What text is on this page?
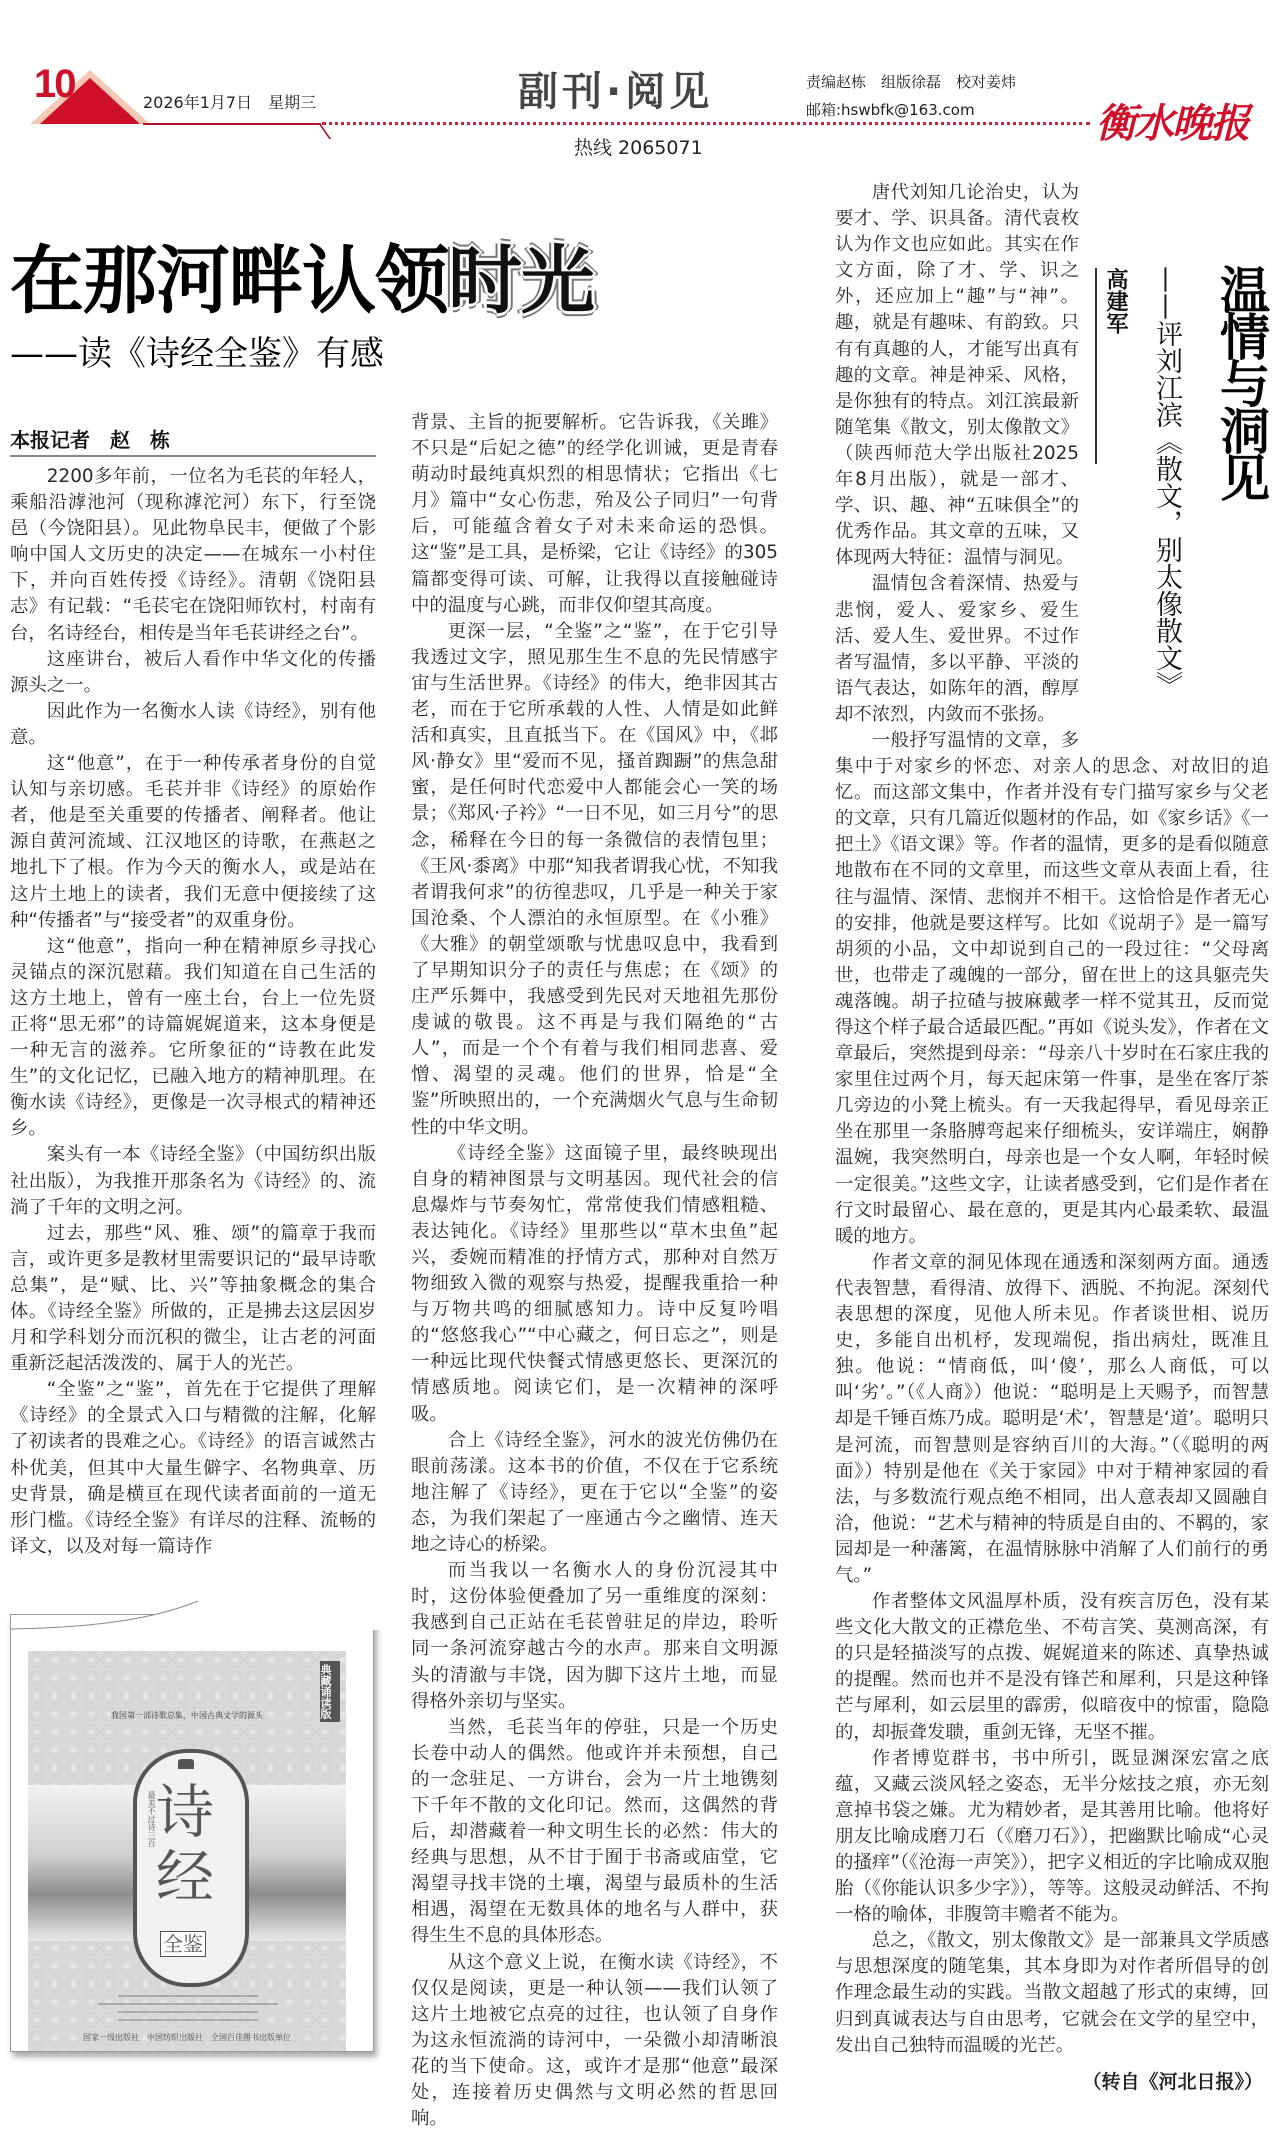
10	2026年1月7日　星期三	副刊·阅见	责编赵栋　组版徐磊　校对姜炜
邮箱:hswbfk@163.com
热线 2065071
衡水晚报
在那河畔认领时光
——读《诗经全鉴》有感
本报记者　赵　栋

2200多年前，一位名为毛苌的年轻人，乘船沿滹池河（现称滹沱河）东下，行至饶邑（今饶阳县）。见此物阜民丰，便做了个影响中国人文历史的决定——在城东一小村住下，并向百姓传授《诗经》。清朝《饶阳县志》有记载：“毛苌宅在饶阳师钦村，村南有台，名诗经台，相传是当年毛苌讲经之台”。

这座讲台，被后人看作中华文化的传播源头之一。

因此作为一名衡水人读《诗经》，别有他意。

这“他意”，在于一种传承者身份的自觉认知与亲切感。毛苌并非《诗经》的原始作者，他是至关重要的传播者、阐释者。他让源自黄河流域、江汉地区的诗歌，在燕赵之地扎下了根。作为今天的衡水人，或是站在这片土地上的读者，我们无意中便接续了这种“传播者”与“接受者”的双重身份。

这“他意”，指向一种在精神原乡寻找心灵锚点的深沉慰藉。我们知道在自己生活的这方土地上，曾有一座土台，台上一位先贤正将“思无邪”的诗篇娓娓道来，这本身便是一种无言的滋养。它所象征的“诗教在此发生”的文化记忆，已融入地方的精神肌理。在衡水读《诗经》，更像是一次寻根式的精神还乡。

案头有一本《诗经全鉴》（中国纺织出版社出版），为我推开那条名为《诗经》的、流淌了千年的文明之河。

过去，那些“风、雅、颂”的篇章于我而言，或许更多是教材里需要识记的“最早诗歌总集”，是“赋、比、兴”等抽象概念的集合体。《诗经全鉴》所做的，正是拂去这层因岁月和学科划分而沉积的微尘，让古老的河面重新泛起活泼泼的、属于人的光芒。

“全鉴”之“鉴”，首先在于它提供了理解《诗经》的全景式入口与精微的注解，化解了初读者的畏难之心。《诗经》的语言诚然古朴优美，但其中大量生僻字、名物典章、历史背景，确是横亘在现代读者面前的一道无形门槛。《诗经全鉴》有详尽的注释、流畅的译文，以及对每一篇诗作

我国第一部诗歌总集，中国古典文学的源头	典藏诵读版
最美不过诗三百 诗
经
全鉴
国家一级出版社　中国纺织出版社　全国百佳图书出版单位

背景、主旨的扼要解析。它告诉我，《关雎》不只是“后妃之德”的经学化训诫，更是青春萌动时最纯真炽烈的相思情状；它指出《七月》篇中“女心伤悲，殆及公子同归”一句背后，可能蕴含着女子对未来命运的恐惧。这“鉴”是工具，是桥梁，它让《诗经》的305篇都变得可读、可解，让我得以直接触碰诗中的温度与心跳，而非仅仰望其高度。

更深一层，“全鉴”之“鉴”，在于它引导我透过文字，照见那生生不息的先民情感宇宙与生活世界。《诗经》的伟大，绝非因其古老，而在于它所承载的人性、人情是如此鲜活和真实，且直抵当下。在《国风》中，《邶风·静女》里“爱而不见，搔首踟蹰”的焦急甜蜜，是任何时代恋爱中人都能会心一笑的场景；《郑风·子衿》“一日不见，如三月兮”的思念，稀释在今日的每一条微信的表情包里；《王风·黍离》中那“知我者谓我心忧，不知我者谓我何求”的彷徨悲叹，几乎是一种关于家国沧桑、个人漂泊的永恒原型。在《小雅》《大雅》的朝堂颂歌与忧患叹息中，我看到了早期知识分子的责任与焦虑；在《颂》的庄严乐舞中，我感受到先民对天地祖先那份虔诚的敬畏。这不再是与我们隔绝的“古人”，而是一个个有着与我们相同悲喜、爱憎、渴望的灵魂。他们的世界，恰是“全鉴”所映照出的，一个充满烟火气息与生命韧性的中华文明。

《诗经全鉴》这面镜子里，最终映现出自身的精神图景与文明基因。现代社会的信息爆炸与节奏匆忙，常常使我们情感粗糙、表达钝化。《诗经》里那些以“草木虫鱼”起兴，委婉而精准的抒情方式，那种对自然万物细致入微的观察与热爱，提醒我重拾一种与万物共鸣的细腻感知力。诗中反复吟唱的“悠悠我心”“中心藏之，何日忘之”，则是一种远比现代快餐式情感更悠长、更深沉的情感质地。阅读它们，是一次精神的深呼吸。

合上《诗经全鉴》，河水的波光仿佛仍在眼前荡漾。这本书的价值，不仅在于它系统地注解了《诗经》，更在于它以“全鉴”的姿态，为我们架起了一座通古今之幽情、连天地之诗心的桥梁。

而当我以一名衡水人的身份沉浸其中时，这份体验便叠加了另一重维度的深刻：我感到自己正站在毛苌曾驻足的岸边，聆听同一条河流穿越古今的水声。那来自文明源头的清澈与丰饶，因为脚下这片土地，而显得格外亲切与坚实。

当然，毛苌当年的停驻，只是一个历史长卷中动人的偶然。他或许并未预想，自己的一念驻足、一方讲台，会为一片土地镌刻下千年不散的文化印记。然而，这偶然的背后，却潜藏着一种文明生长的必然：伟大的经典与思想，从不甘于囿于书斋或庙堂，它渴望寻找丰饶的土壤，渴望与最质朴的生活相遇，渴望在无数具体的地名与人群中，获得生生不息的具体形态。

从这个意义上说，在衡水读《诗经》，不仅仅是阅读，更是一种认领——我们认领了这片土地被它点亮的过往，也认领了自身作为这永恒流淌的诗河中，一朵微小却清晰浪花的当下使命。这，或许才是那“他意”最深处，连接着历史偶然与文明必然的哲思回响。

高建军 ——评刘江滨《散文，别太像散文》 温情与洞见

唐代刘知几论治史，认为要才、学、识具备。清代袁枚认为作文也应如此。其实在作文方面，除了才、学、识之外，还应加上“趣”与“神”。趣，就是有趣味、有韵致。只有有真趣的人，才能写出真有趣的文章。神是神采、风格，是你独有的特点。刘江滨最新随笔集《散文，别太像散文》（陕西师范大学出版社2025年8月出版），就是一部才、学、识、趣、神“五味俱全”的优秀作品。其文章的五味，又体现两大特征：温情与洞见。

温情包含着深情、热爱与悲悯，爱人、爱家乡、爱生活、爱人生、爱世界。不过作者写温情，多以平静、平淡的语气表达，如陈年的酒，醇厚却不浓烈，内敛而不张扬。

一般抒写温情的文章，多集中于对家乡的怀恋、对亲人的思念、对故旧的追忆。而这部文集中，作者并没有专门描写家乡与父老的文章，只有几篇近似题材的作品，如《家乡话》《一把土》《语文课》等。作者的温情，更多的是看似随意地散布在不同的文章里，而这些文章从表面上看，往往与温情、深情、悲悯并不相干。这恰恰是作者无心的安排，他就是要这样写。比如《说胡子》是一篇写胡须的小品，文中却说到自己的一段过往：“父母离世，也带走了魂魄的一部分，留在世上的这具躯壳失魂落魄。胡子拉碴与披麻戴孝一样不觉其丑，反而觉得这个样子最合适最匹配。”再如《说头发》，作者在文章最后，突然提到母亲：“母亲八十岁时在石家庄我的家里住过两个月，每天起床第一件事，是坐在客厅茶几旁边的小凳上梳头。有一天我起得早，看见母亲正坐在那里一条胳膊弯起来仔细梳头，安详端庄，娴静温婉，我突然明白，母亲也是一个女人啊，年轻时候一定很美。”这些文字，让读者感受到，它们是作者在行文时最留心、最在意的，更是其内心最柔软、最温暖的地方。

作者文章的洞见体现在通透和深刻两方面。通透代表智慧，看得清、放得下、洒脱、不拘泥。深刻代表思想的深度，见他人所未见。作者谈世相、说历史，多能自出机杼，发现端倪，指出病灶，既准且独。他说：“情商低，叫‘傻’，那么人商低，可以叫‘劣’。”（《人商》）他说：“聪明是上天赐予，而智慧却是千锤百炼乃成。聪明是‘术’，智慧是‘道’。聪明只是河流，而智慧则是容纳百川的大海。”（《聪明的两面》）特别是他在《关于家园》中对于精神家园的看法，与多数流行观点绝不相同，出人意表却又圆融自洽，他说：“艺术与精神的特质是自由的、不羁的，家园却是一种藩篱，在温情脉脉中消解了人们前行的勇气。”

作者整体文风温厚朴质，没有疾言厉色，没有某些文化大散文的正襟危坐、不苟言笑、莫测高深，有的只是轻描淡写的点拨、娓娓道来的陈述、真挚热诚的提醒。然而也并不是没有锋芒和犀利，只是这种锋芒与犀利，如云层里的霹雳，似暗夜中的惊雷，隐隐的，却振聋发聩，重剑无锋，无坚不摧。

作者博览群书，书中所引，既显渊深宏富之底蕴，又藏云淡风轻之姿态，无半分炫技之痕，亦无刻意掉书袋之嫌。尤为精妙者，是其善用比喻。他将好朋友比喻成磨刀石（《磨刀石》），把幽默比喻成“心灵的搔痒”（《沧海一声笑》），把字义相近的字比喻成双胞胎（《你能认识多少字》），等等。这般灵动鲜活、不拘一格的喻体，非腹笥丰赡者不能为。

总之，《散文，别太像散文》是一部兼具文学质感与思想深度的随笔集，其本身即为对作者所倡导的创作理念最生动的实践。当散文超越了形式的束缚，回归到真诚表达与自由思考，它就会在文学的星空中，发出自己独特而温暖的光芒。

（转自《河北日报》）
